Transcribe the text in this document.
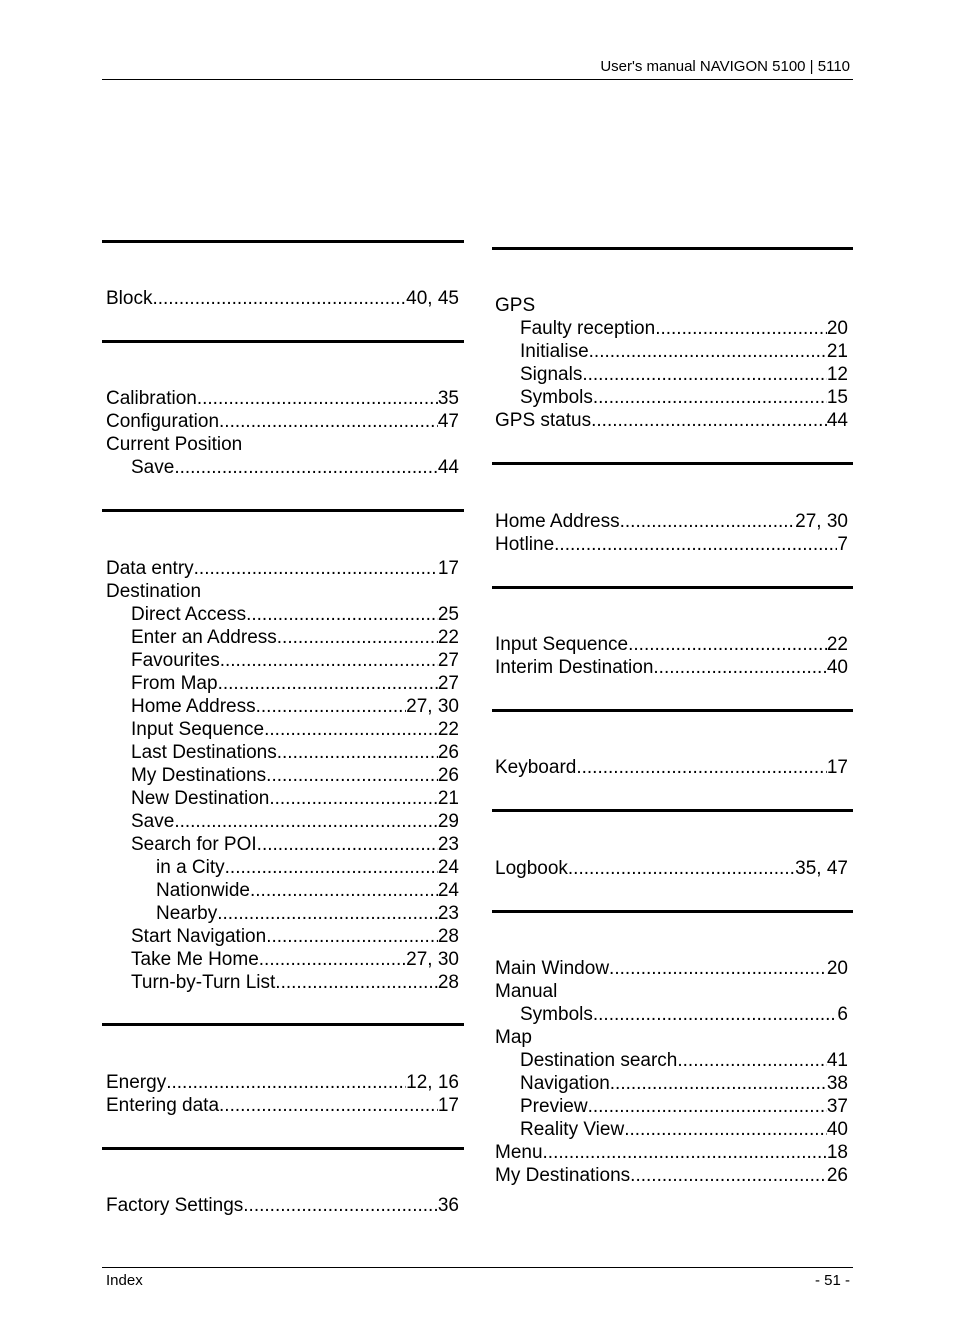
User's manual NAVIGON 5100 | 5110
Block .....	40, 45
Calibration .....	35
Configuration .....	47
Current Position
Save .....	44
Data entry .....	17
Destination
Direct Access .....	25
Enter an Address .....	22
Favourites .....	27
From Map .....	27
Home Address .....	27, 30
Input Sequence .....	22
Last Destinations .....	26
My Destinations .....	26
New Destination .....	21
Save .....	29
Search for POI .....	23
in a City .....	24
Nationwide .....	24
Nearby .....	23
Start Navigation .....	28
Take Me Home .....	27, 30
Turn-by-Turn List .....	28
Energy .....	12, 16
Entering data .....	17
Factory Settings .....	36
GPS
Faulty reception .....	20
Initialise .....	21
Signals .....	12
Symbols .....	15
GPS status .....	44
Home Address .....	27, 30
Hotline .....	7
Input Sequence .....	22
Interim Destination .....	40
Keyboard .....	17
Logbook .....	35, 47
Main Window .....	20
Manual
Symbols .....	6
Map
Destination search .....	41
Navigation .....	38
Preview .....	37
Reality View .....	40
Menu .....	18
My Destinations .....	26
Index	- 51 -
